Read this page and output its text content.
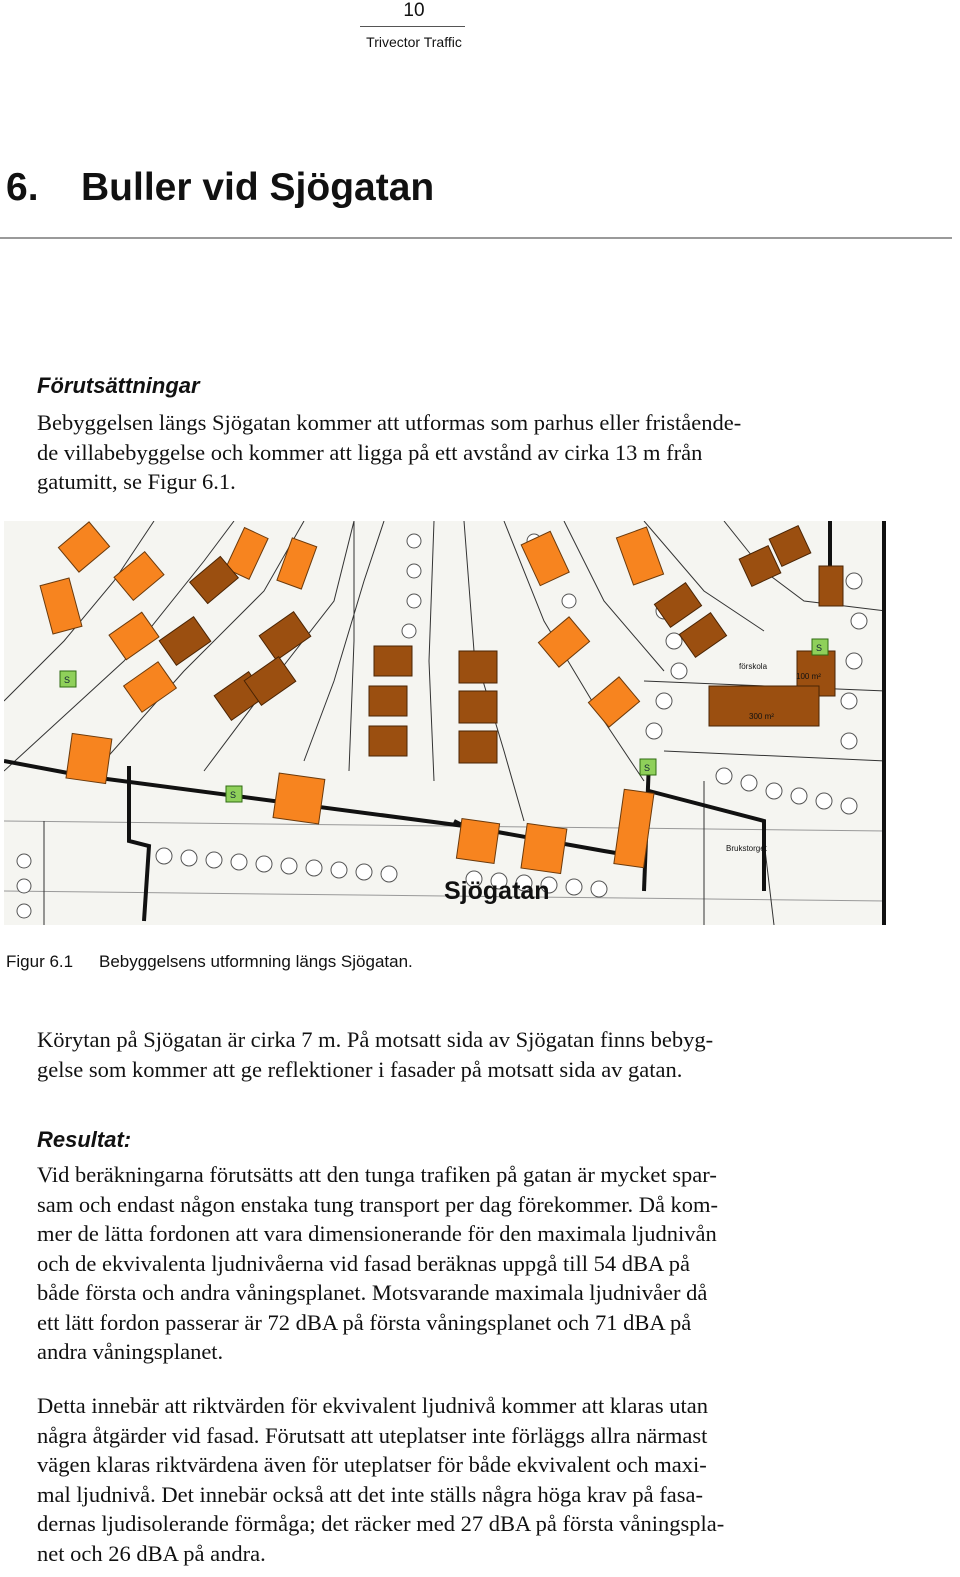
10
Trivector Traffic
6. Buller vid Sjögatan
Förutsättningar
Bebyggelsen längs Sjögatan kommer att utformas som parhus eller fristående-
de villabebyggelse och kommer att ligga på ett avstånd av cirka 13 m från
gatumitt, se Figur 6.1.
S
S
S
S
förskola
100 m²
300 m²
Brukstorget
Sjögatan
Figur 6.1 Bebyggelsens utformning längs Sjögatan.
Körytan på Sjögatan är cirka 7 m. På motsatt sida av Sjögatan finns bebyg-
gelse som kommer att ge reflektioner i fasader på motsatt sida av gatan.
Resultat:
Vid beräkningarna förutsätts att den tunga trafiken på gatan är mycket spar-
sam och endast någon enstaka tung transport per dag förekommer. Då kom-
mer de lätta fordonen att vara dimensionerande för den maximala ljudnivån
och de ekvivalenta ljudnivåerna vid fasad beräknas uppgå till 54 dBA på
både första och andra våningsplanet. Motsvarande maximala ljudnivåer då
ett lätt fordon passerar är 72 dBA på första våningsplanet och 71 dBA på
andra våningsplanet.
Detta innebär att riktvärden för ekvivalent ljudnivå kommer att klaras utan
några åtgärder vid fasad. Förutsatt att uteplatser inte förläggs allra närmast
vägen klaras riktvärdena även för uteplatser för både ekvivalent och maxi-
mal ljudnivå. Det innebär också att det inte ställs några höga krav på fasa-
dernas ljudisolerande förmåga; det räcker med 27 dBA på första våningspla-
net och 26 dBA på andra.
